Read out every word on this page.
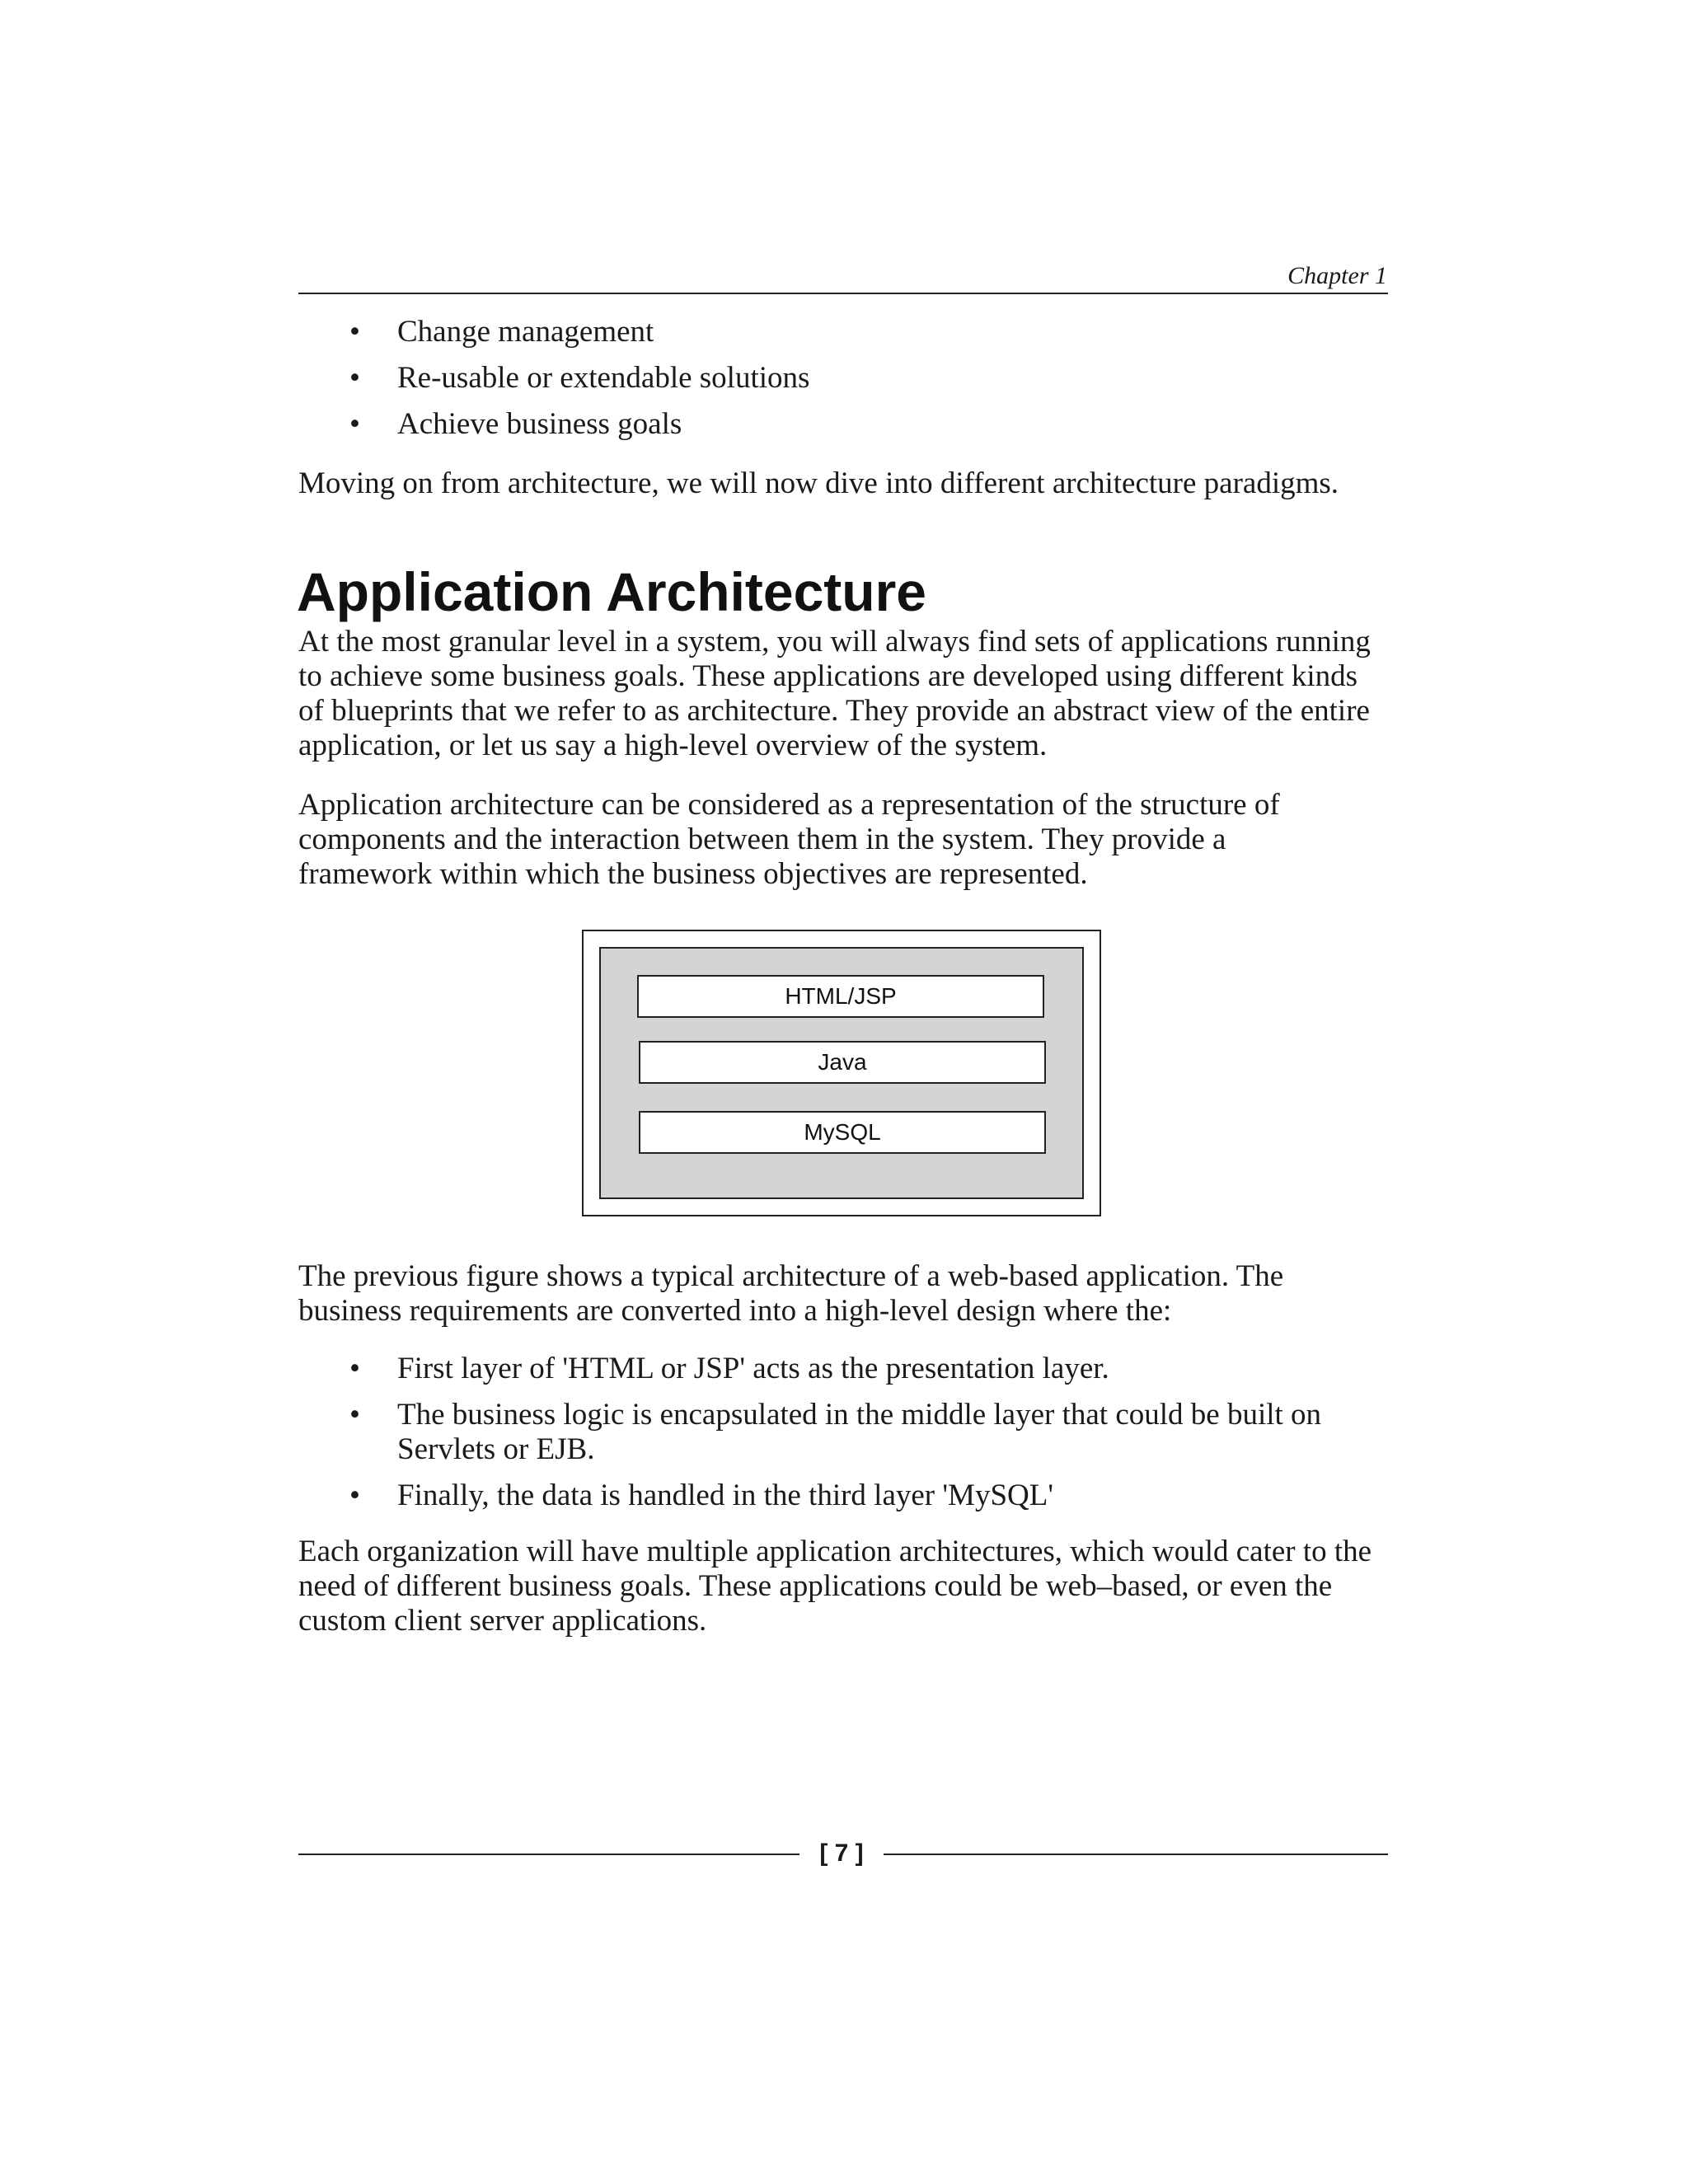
Chapter 1
• Change management
• Re-usable or extendable solutions
• Achieve business goals

Moving on from architecture, we will now dive into different architecture paradigms.

Application Architecture

At the most granular level in a system, you will always find sets of applications running to achieve some business goals. These applications are developed using different kinds of blueprints that we refer to as architecture. They provide an abstract view of the entire application, or let us say a high-level overview of the system.

Application architecture can be considered as a representation of the structure of components and the interaction between them in the system. They provide a framework within which the business objectives are represented.

HTML/JSP
Java
MySQL

The previous figure shows a typical architecture of a web-based application. The business requirements are converted into a high-level design where the:

• First layer of 'HTML or JSP' acts as the presentation layer.
• The business logic is encapsulated in the middle layer that could be built on Servlets or EJB.
• Finally, the data is handled in the third layer 'MySQL'

Each organization will have multiple application architectures, which would cater to the need of different business goals. These applications could be web–based, or even the custom client server applications.

[ 7 ]
